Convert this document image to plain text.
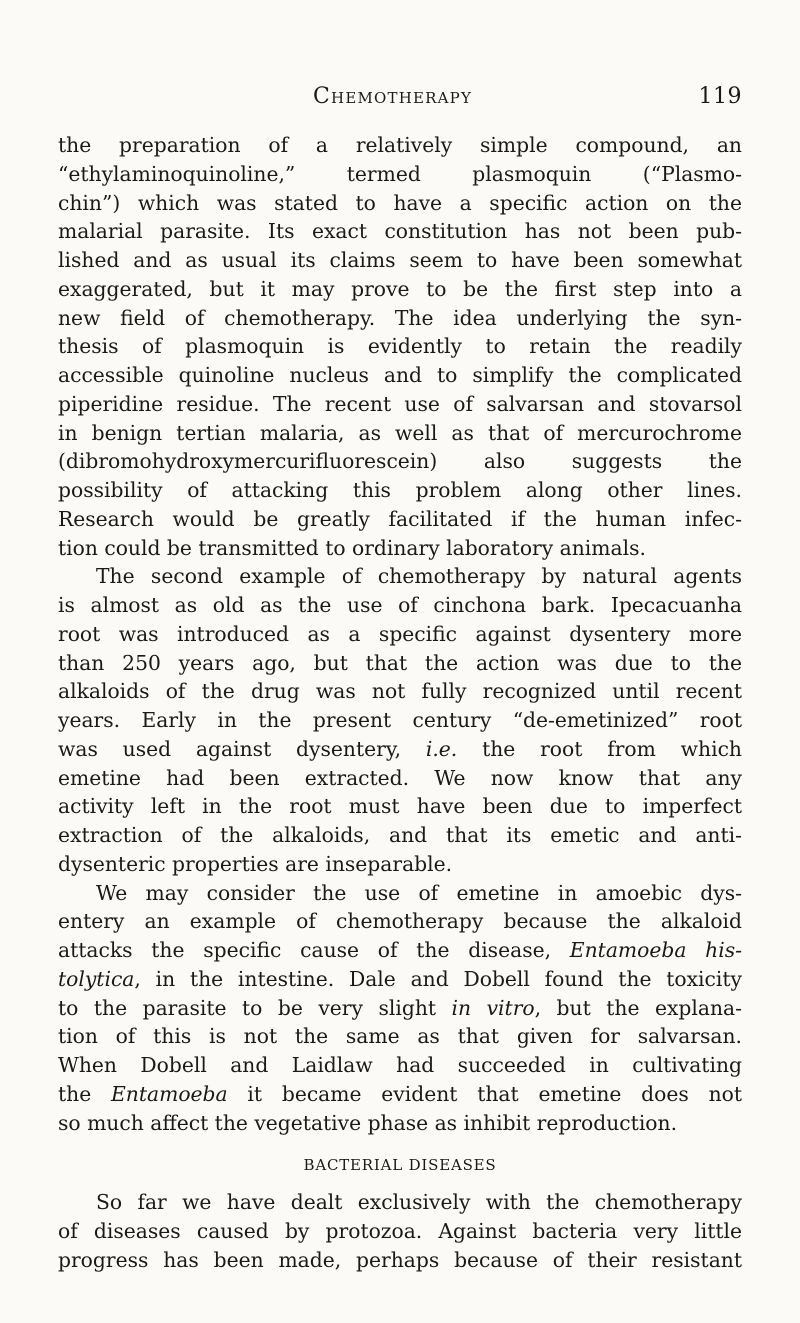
Chemotherapy	119
the preparation of a relatively simple compound, an
“ethylaminoquinoline,” termed plasmoquin (“Plasmo-
chin”) which was stated to have a specific action on the
malarial parasite. Its exact constitution has not been pub-
lished and as usual its claims seem to have been somewhat
exaggerated, but it may prove to be the first step into a
new field of chemotherapy. The idea underlying the syn-
thesis of plasmoquin is evidently to retain the readily
accessible quinoline nucleus and to simplify the complicated
piperidine residue. The recent use of salvarsan and stovarsol
in benign tertian malaria, as well as that of mercurochrome
(dibromohydroxymercurifluorescein) also suggests the
possibility of attacking this problem along other lines.
Research would be greatly facilitated if the human infec-
tion could be transmitted to ordinary laboratory animals.
The second example of chemotherapy by natural agents
is almost as old as the use of cinchona bark. Ipecacuanha
root was introduced as a specific against dysentery more
than 250 years ago, but that the action was due to the
alkaloids of the drug was not fully recognized until recent
years. Early in the present century “de-emetinized” root
was used against dysentery, i.e. the root from which
emetine had been extracted. We now know that any
activity left in the root must have been due to imperfect
extraction of the alkaloids, and that its emetic and anti-
dysenteric properties are inseparable.
We may consider the use of emetine in amoebic dys-
entery an example of chemotherapy because the alkaloid
attacks the specific cause of the disease, Entamoeba his-
tolytica, in the intestine. Dale and Dobell found the toxicity
to the parasite to be very slight in vitro, but the explana-
tion of this is not the same as that given for salvarsan.
When Dobell and Laidlaw had succeeded in cultivating
the Entamoeba it became evident that emetine does not
so much affect the vegetative phase as inhibit reproduction.
BACTERIAL DISEASES
So far we have dealt exclusively with the chemotherapy
of diseases caused by protozoa. Against bacteria very little
progress has been made, perhaps because of their resistant
